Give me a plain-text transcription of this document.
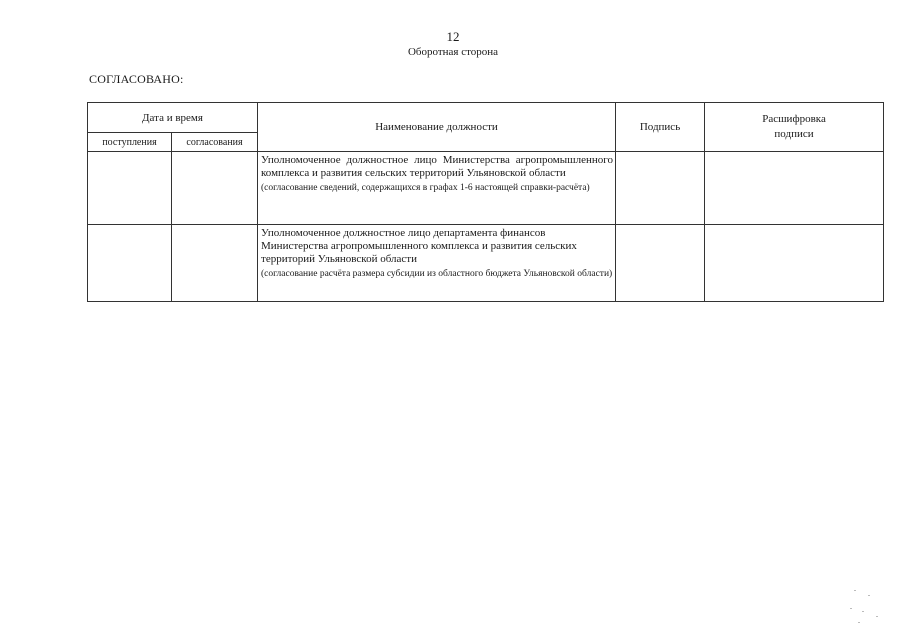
12
Оборотная сторона
СОГЛАСОВАНО:
Дата и время		Наименование должности	Подпись	Расшифровка
подписи

поступления	согласования			

		Уполномоченное должностное лицо Министерства агропромышленного комплекса и развития сельских территорий Ульяновской области
(согласование сведений, содержащихся в графах 1-6 настоящей справки-расчёта)		

		Уполномоченное должностное лицо департамента финансов Министерства агропромышленного комплекса и развития сельских территорий Ульяновской области
(согласование расчёта размера субсидии из областного бюджета Ульяновской области)		
